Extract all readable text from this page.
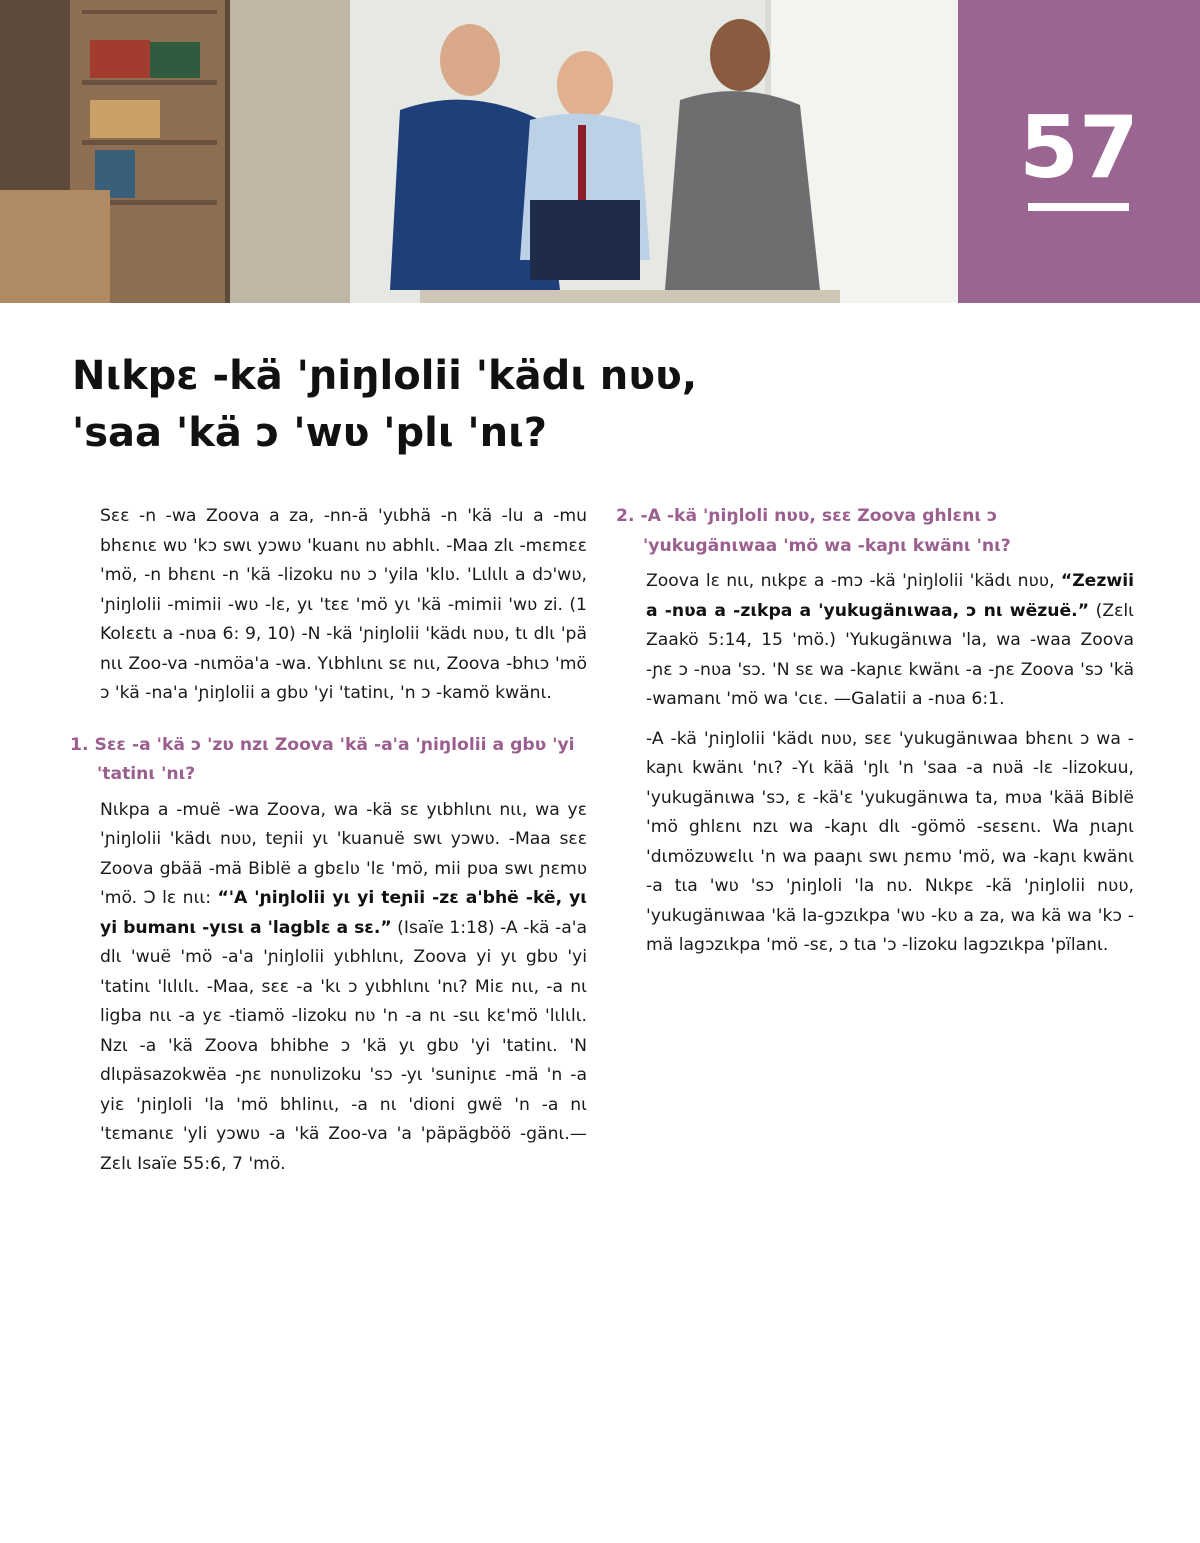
57
Nιkpɛ -kä 'ɲiŋlolii 'kädι nʋʋ,
'saa 'kä ɔ 'wʋ 'plι 'nι?

Sɛɛ -n -wa Zoova a za, -nn-ä 'yιbhä -n 'kä -lu a -mu bhɛnιɛ wʋ 'kɔ swι yɔwʋ 'kuanι nʋ abhlι. -Maa zlι -mɛmɛɛ 'mö, -n bhɛnι -n 'kä -lizoku nʋ ɔ 'yila 'klʋ. 'Lιlιlι a dɔ'wʋ, 'ɲiŋlolii -mimii -wʋ -lɛ, yι 'tɛɛ 'mö yι 'kä -mimii 'wʋ zi. (1 Kolɛɛtι a -nʋa 6: 9, 10) -N -kä 'ɲiŋlolii 'kädι nʋʋ, tι dlι 'pä nιι Zoo-va -nιmöa'a -wa. Yιbhlιnι sɛ nιι, Zoova -bhιɔ 'mö ɔ 'kä -na'a 'ɲiŋlolii a gbʋ 'yi 'tatinι, 'n ɔ -kamö kwänι.

1. Sɛɛ -a 'kä ɔ 'zʋ nzι Zoova 'kä -a'a 'ɲiŋlolii a gbʋ 'yi 'tatinι 'nι?

Nιkpa a -muë -wa Zoova, wa -kä sɛ yιbhlιnι nιι, wa yɛ 'ɲiŋlolii 'kädι nʋʋ, teɲii yι 'kuanuë swι yɔwʋ. -Maa sɛɛ Zoova gbää -mä Biblë a gbɛlʋ 'lɛ 'mö, mii pʋa swι ɲɛmʋ 'mö. Ɔ lɛ nιι: “'A 'ɲiŋlolii yι yi teɲii -zɛ a'bhë -kë, yι yi bumanι -yιsι a 'lagblɛ a sɛ.” (Isaïe 1:18) -A -kä -a'a dlι 'wuë 'mö -a'a 'ɲiŋlolii yιbhlιnι, Zoova yi yι gbʋ 'yi 'tatinι 'lιlιlι. -Maa, sɛɛ -a 'kι ɔ yιbhlιnι 'nι? Miɛ nιι, -a nι ligba nιι -a yɛ -tiamö -lizoku nʋ 'n -a nι -sιι kɛ'mö 'lιlιlι. Nzι -a 'kä Zoova bhibhe ɔ 'kä yι gbʋ 'yi 'tatinι. 'N dlιpäsazokwëa -ɲɛ nʋnʋlizoku 'sɔ -yι 'suniɲιɛ -mä 'n -a yiɛ 'ɲiŋloli 'la 'mö bhlinιι, -a nι 'dioni gwë 'n -a nι 'tɛmanιɛ 'yli yɔwʋ -a 'kä Zoo-va 'a 'päpägböö -gänι.—Zɛlι Isaïe 55:6, 7 'mö.

2. -A -kä 'ɲiŋloli nʋʋ, sɛɛ Zoova ghlɛnι ɔ 'yukugänιwaa 'mö wa -kaɲι kwänι 'nι?

Zoova lɛ nιι, nιkpɛ a -mɔ -kä 'ɲiŋlolii 'kädι nʋʋ, “Zezwii a -nʋa a -zιkpa a 'yukugänιwaa, ɔ nι wëzuë.” (Zɛlι Zaakö 5:14, 15 'mö.) 'Yukugänιwa 'la, wa -waa Zoova -ɲɛ ɔ -nʋa 'sɔ. 'N sɛ wa -kaɲιɛ kwänι -a -ɲɛ Zoova 'sɔ 'kä -wamanι 'mö wa 'cιɛ. —Galatii a -nʋa 6:1.

-A -kä 'ɲiŋlolii 'kädι nʋʋ, sɛɛ 'yukugänιwaa bhɛnι ɔ wa -kaɲι kwänι 'nι? -Yι kää 'ŋlι 'n 'saa -a nʋä -lɛ -lizokuu, 'yukugänιwa 'sɔ, ɛ -kä'ɛ 'yukugänιwa ta, mʋa 'kää Biblë 'mö ghlɛnι nzι wa -kaɲι dlι -gömö -sɛsɛnι. Wa ɲιaɲι 'dιmözʋwɛlιι 'n wa paaɲι swι ɲɛmʋ 'mö, wa -kaɲι kwänι -a tιa 'wʋ 'sɔ 'ɲiŋloli 'la nʋ. Nιkpɛ -kä 'ɲiŋlolii nʋʋ, 'yukugänιwaa 'kä la-gɔzιkpa 'wʋ -kʋ a za, wa kä wa 'kɔ -mä lagɔzιkpa 'mö -sɛ, ɔ tιa 'ɔ -lizoku lagɔzιkpa 'pïlanι.
